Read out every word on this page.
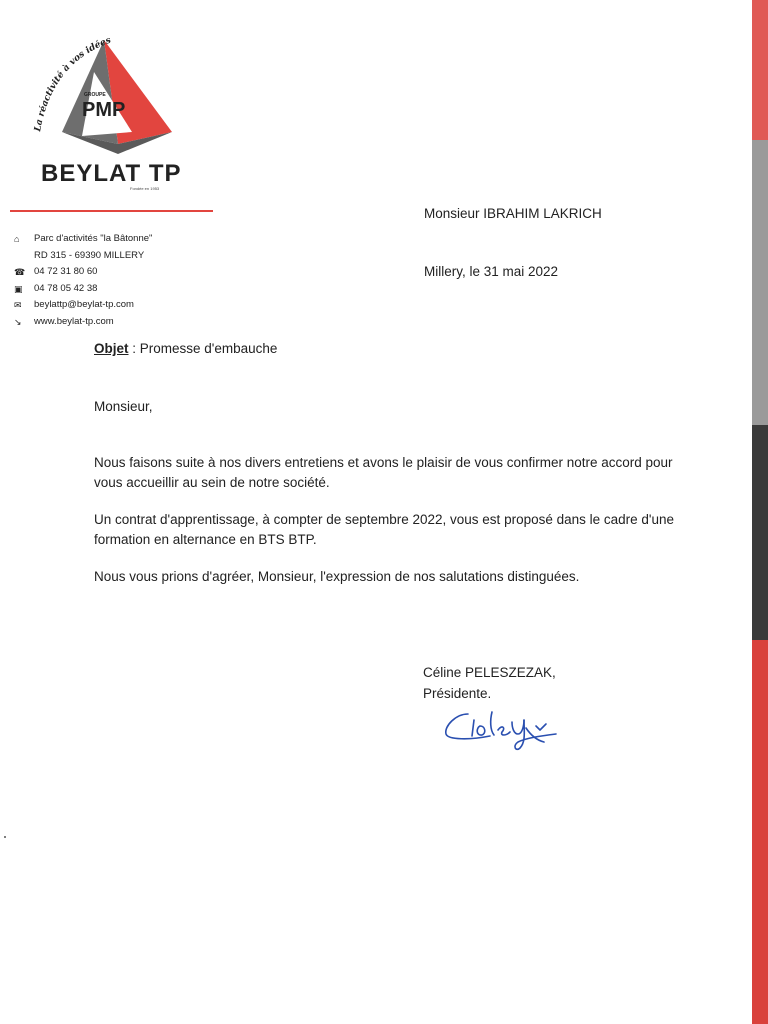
La réactivité à vos idées
GROUPE
PMP
BEYLAT TP
Fondée en 1953
⌂	Parc d'activités "la Bâtonne"
RD 315 - 69390 MILLERY
☎ 04 72 31 80 60
▣	04 78 05 42 38
✉	beylattp@beylat-tp.com
↘	www.beylat-tp.com
Monsieur IBRAHIM LAKRICH
Millery, le 31 mai 2022
Objet : Promesse d'embauche
Monsieur,

Nous faisons suite à nos divers entretiens et avons le plaisir de vous confirmer notre accord pour vous accueillir au sein de notre société.

Un contrat d'apprentissage, à compter de septembre 2022, vous est proposé dans le cadre d'une formation en alternance en BTS BTP.

Nous vous prions d'agréer, Monsieur, l'expression de nos salutations distinguées.

Céline PELESZEZAK,
Présidente.
